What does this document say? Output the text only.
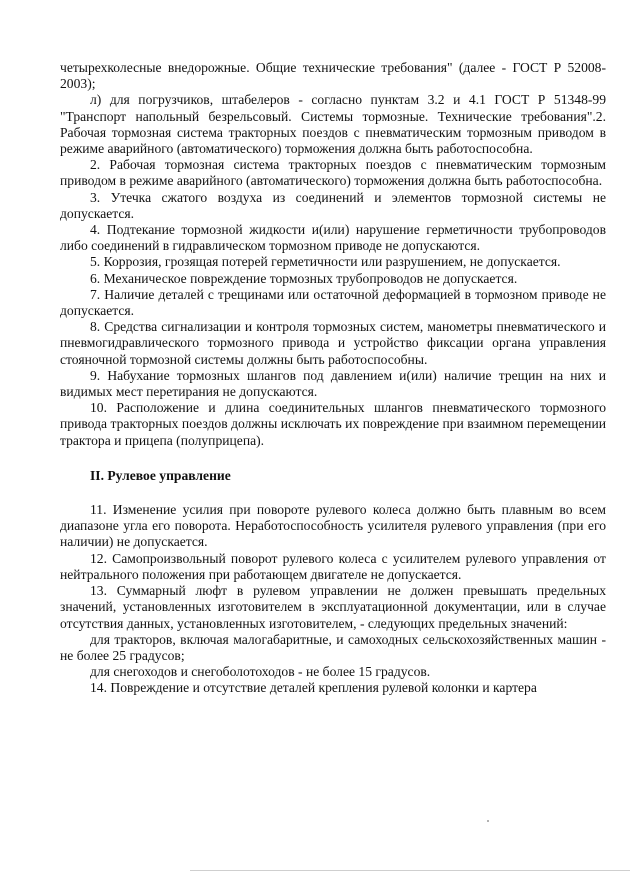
четырехколесные внедорожные. Общие технические требования" (далее - ГОСТ Р 52008-2003);

л) для погрузчиков, штабелеров - согласно пунктам 3.2 и 4.1 ГОСТ Р 51348-99 "Транспорт напольный безрельсовый. Системы тормозные. Технические требования".2. Рабочая тормозная система тракторных поездов с пневматическим тормозным приводом в режиме аварийного (автоматического) торможения должна быть работоспособна.

2. Рабочая тормозная система тракторных поездов с пневматическим тормозным приводом в режиме аварийного (автоматического) торможения должна быть работоспособна.

3. Утечка сжатого воздуха из соединений и элементов тормозной системы не допускается.

4. Подтекание тормозной жидкости и(или) нарушение герметичности трубопроводов либо соединений в гидравлическом тормозном приводе не допускаются.

5. Коррозия, грозящая потерей герметичности или разрушением, не допускается.

6. Механическое повреждение тормозных трубопроводов не допускается.

7. Наличие деталей с трещинами или остаточной деформацией в тормозном приводе не допускается.

8. Средства сигнализации и контроля тормозных систем, манометры пневматического и пневмогидравлического тормозного привода и устройство фиксации органа управления стояночной тормозной системы должны быть работоспособны.

9. Набухание тормозных шлангов под давлением и(или) наличие трещин на них и видимых мест перетирания не допускаются.

10. Расположение и длина соединительных шлангов пневматического тормозного привода тракторных поездов должны исключать их повреждение при взаимном перемещении трактора и прицепа (полуприцепа).

II. Рулевое управление

11. Изменение усилия при повороте рулевого колеса должно быть плавным во всем диапазоне угла его поворота. Неработоспособность усилителя рулевого управления (при его наличии) не допускается.

12. Самопроизвольный поворот рулевого колеса с усилителем рулевого управления от нейтрального положения при работающем двигателе не допускается.

13. Суммарный люфт в рулевом управлении не должен превышать предельных значений, установленных изготовителем в эксплуатационной документации, или в случае отсутствия данных, установленных изготовителем, - следующих предельных значений:

для тракторов, включая малогабаритные, и самоходных сельскохозяйственных машин - не более 25 градусов;

для снегоходов и снегоболотоходов - не более 15 градусов.

14. Повреждение и отсутствие деталей крепления рулевой колонки и картера
